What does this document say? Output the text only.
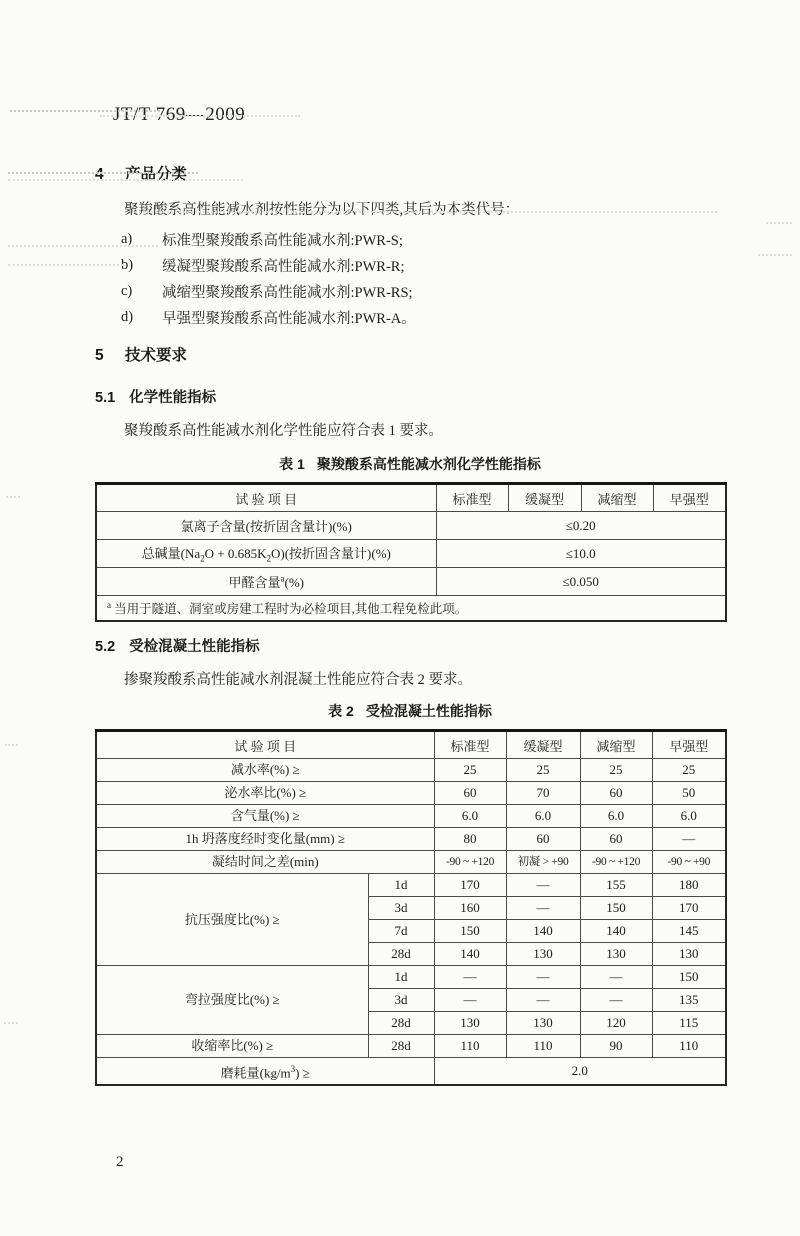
JT/T 769—2009
4 产品分类
聚羧酸系高性能减水剂按性能分为以下四类,其后为本类代号：
a)	标准型聚羧酸系高性能减水剂:PWR-S;
b)	缓凝型聚羧酸系高性能减水剂:PWR-R;
c)	减缩型聚羧酸系高性能减水剂:PWR-RS;
d)	早强型聚羧酸系高性能减水剂:PWR-A。
5 技术要求
5.1 化学性能指标
聚羧酸系高性能减水剂化学性能应符合表 1 要求。
表 1 聚羧酸系高性能减水剂化学性能指标
试 验 项 目	标准型	缓凝型	减缩型	早强型
氯离子含量(按折固含量计)(%)	≤0.20			
总碱量$(Na_2O + 0.685K_2O)$(按折固含量计)(%)	≤10.0			
甲醛含量$^a$(%)	≤0.050			
$^a$ 当用于隧道、洞室或房建工程时为必检项目,其他工程免检此项。				
5.2 受检混凝土性能指标
掺聚羧酸系高性能减水剂混凝土性能应符合表 2 要求。
表 2 受检混凝土性能指标
试 验 项 目		标准型	缓凝型	减缩型	早强型
减水率(%) ≥		25	25	25	25
泌水率比(%) ≥		60	70	60	50
含气量(%) ≥		6.0	6.0	6.0	6.0
1h 坍落度经时变化量(mm) ≥		80	60	60	—
凝结时间之差(min)		-90 ~ +120	初凝 > +90	-90 ~ +120	-90 ~ +90
抗压强度比(%) ≥	1d	170	—	155	180
	3d	160	—	150	170
	7d	150	140	140	145
	28d	140	130	130	130
弯拉强度比(%) ≥	1d	—	—	—	150
	3d	—	—	—	135
	28d	130	130	120	115
收缩率比(%) ≥	28d	110	110	90	110
磨耗量$(kg/m^3)$ ≥		2.0			
2
